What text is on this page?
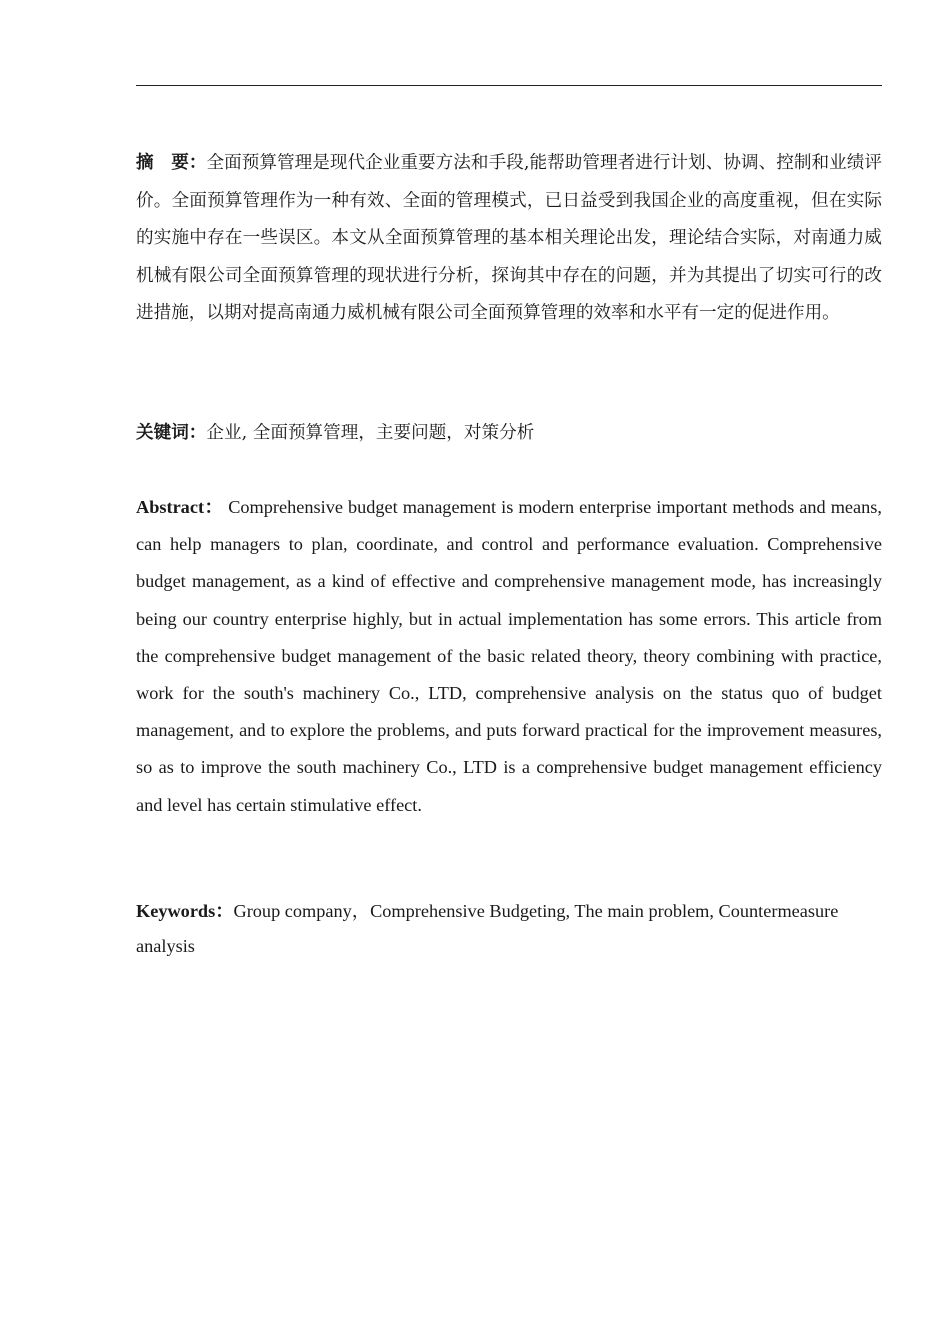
摘　要：全面预算管理是现代企业重要方法和手段,能帮助管理者进行计划、协调、控制和业绩评价。全面预算管理作为一种有效、全面的管理模式，已日益受到我国企业的高度重视，但在实际的实施中存在一些误区。本文从全面预算管理的基本相关理论出发，理论结合实际，对南通力威机械有限公司全面预算管理的现状进行分析，探询其中存在的问题，并为其提出了切实可行的改进措施，以期对提高南通力威机械有限公司全面预算管理的效率和水平有一定的促进作用。
关键词：企业, 全面预算管理，主要问题，对策分析
Abstract： Comprehensive budget management is modern enterprise important methods and means, can help managers to plan, coordinate, and control and performance evaluation. Comprehensive budget management, as a kind of effective and comprehensive management mode, has increasingly being our country enterprise highly, but in actual implementation has some errors. This article from the comprehensive budget management of the basic related theory, theory combining with practice, work for the south's machinery Co., LTD, comprehensive analysis on the status quo of budget management, and to explore the problems, and puts forward practical for the improvement measures, so as to improve the south machinery Co., LTD is a comprehensive budget management efficiency and level has certain stimulative effect.
Keywords：Group company，Comprehensive Budgeting, The main problem, Countermeasure analysis
